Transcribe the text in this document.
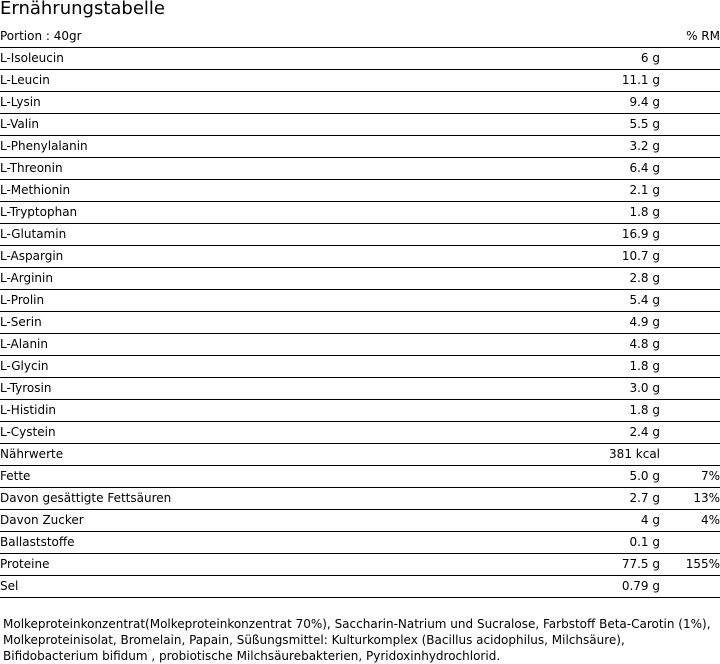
Ernährungstabelle
Portion : 40gr		% RM
L-Isoleucin	6 g	
L-Leucin	11.1 g	
L-Lysin	9.4 g	
L-Valin	5.5 g	
L-Phenylalanin	3.2 g	
L-Threonin	6.4 g	
L-Methionin	2.1 g	
L-Tryptophan	1.8 g	
L-Glutamin	16.9 g	
L-Aspargin	10.7 g	
L-Arginin	2.8 g	
L-Prolin	5.4 g	
L-Serin	4.9 g	
L-Alanin	4.8 g	
L-Glycin	1.8 g	
L-Tyrosin	3.0 g	
L-Histidin	1.8 g	
L-Cystein	2.4 g	
Nährwerte	381 kcal	
Fette	5.0 g	7%
Davon gesättigte Fettsäuren	2.7 g	13%
Davon Zucker	4 g	4%
Ballaststoffe	0.1 g	
Proteine	77.5 g	155%
Sel	0.79 g	

Molkeproteinkonzentrat(Molkeproteinkonzentrat 70%), Saccharin-Natrium und Sucralose, Farbstoff Beta-Carotin (1%), Molkeproteinisolat, Bromelain, Papain, Süßungsmittel: Kulturkomplex (Bacillus acidophilus, Milchsäure), Bifidobacterium bifidum , probiotische Milchsäurebakterien, Pyridoxinhydrochlorid.
